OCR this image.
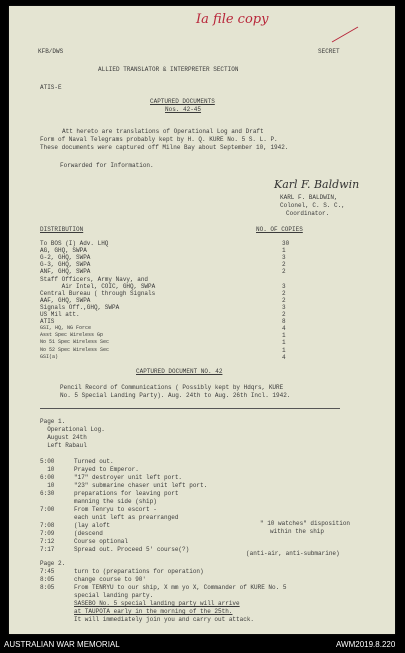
Ia file copy
KFB/DWS	SECRET
ALLIED TRANSLATOR & INTERPRETER SECTION
ATIS-E
CAPTURED DOCUMENTS
Nos. 42-45
Att hereto are translations of Operational Log and Draft
Form of Naval Telegrams probably kept by H. Q. KURE No. 5 S. L. P.
These documents were captured off Milne Bay about September 10, 1942.
Forwarded for Information.
Karl F. Baldwin
KARL F. BALDWIN,
Colonel, C. S. C.,
Coordinator.
DISTRIBUTION	NO. OF COPIES
To BOS (I) Adv. LHQ	30
AG, GHQ, SWPA	1
G-2, GHQ, SWPA	3
G-3, GHQ, SWPA	2
ANF, GHQ, SWPA	2
Staff Officers, Army Navy, and
Air Intel, COIC, GHQ, SWPA	3
Central Bureau ( through Signals	2
AAF, GHQ, SWPA	2
Signals Off.,GHQ, SWPA	3
US Mil att.	2
ATIS	8
GSI, HQ, NG Force	4
Asst Spec Wireless Gp	1
No 51 Spec Wireless Sec	1
No 52 Spec Wireless Sec	1
GSI(a)	4
CAPTURED DOCUMENT NO. 42
Pencil Record of Communications ( Possibly kept by Hdqrs, KURE
No. 5 Special Landing Party). Aug. 24th to Aug. 26th Incl. 1942.
Page 1.
Operational Log.
August 24th
Left Rabaul
5:00	Turned out.
10	Prayed to Emperor.
6:00	"17" destroyer unit left port.
10	"23" submarine chaser unit left port.
6:30	preparations for leaving port
manning the side (ship)
7:00	From Tenryu to escort -
each unit left as prearranged
7:08	(lay aloft
7:09	(descend
7:12	Course optional
7:17	Spread out. Proceed 5' course(?)
" 10 watches" disposition
within the ship
(anti-air, anti-submarine)
Page 2.
7:45	turn to (preparations for operation)
8:05	change course to 90'
8:05	From TENRYU to our ship, X mm yo X, Commander of KURE No. 5
special landing party.
SASEBO No. 5 special landing party will arrive
at TAUPOTA early in the morning of the 25th.
It will immediately join you and carry out attack.
AUSTRALIAN WAR MEMORIAL	AWM2019.8.220
